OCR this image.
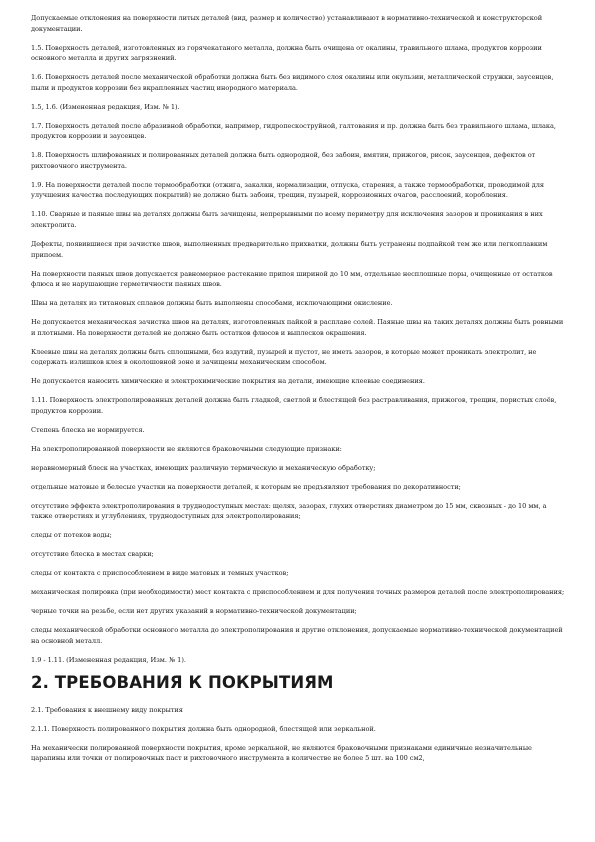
Допускаемые отклонения на поверхности литых деталей (вид, размер и количество) устанавливают в нормативно-технической и конструкторской документации.

1.5. Поверхность деталей, изготовленных из горячекатаного металла, должна быть очищена от окалины, травильного шлама, продуктов коррозии основного металла и других загрязнений.

1.6. Поверхность деталей после механической обработки должна быть без видимого слоя окалины или окульзии, металлической стружки, заусенцев, пыли и продуктов коррозии без вкрапленных частиц инородного материала.

1.5, 1.6. (Измененная редакция, Изм. № 1).

1.7. Поверхность деталей после абразивной обработки, например, гидропескоструйной, галтования и пр. должна быть без травильного шлама, шлака, продуктов коррозии и заусенцев.

1.8. Поверхность шлифованных и полированных деталей должна быть однородной, без забоин, вмятин, прижогов, рисок, заусенцев, дефектов от рихтовочного инструмента.

1.9. На поверхности деталей после термообработки (отжига, закалки, нормализации, отпуска, старения, а также термообработки, проводимой для улучшения качества последующих покрытий) не должно быть забоин, трещин, пузырей, коррозионных очагов, расслоений, коробления.

1.10. Сварные и паяные швы на деталях должны быть зачищены, непрерывными по всему периметру для исключения зазоров и проникания в них электролита.

Дефекты, появившиеся при зачистке швов, выполненных предварительно прихватки, должны быть устранены подпайкой тем же или легкоплавким припоем.

На поверхности паяных швов допускается равномерное растекание припоя шириной до 10 мм, отдельные несплошные поры, очищенные от остатков флюса и не нарушающие герметичности паяных швов.

Швы на деталях из титановых сплавов должны быть выполнены способами, исключающими окисление.

Не допускается механическая зачистка швов на деталях, изготовленных пайкой в расплаве солей. Паяные швы на таких деталях должны быть ровными и плотными. На поверхности деталей не должно быть остатков флюсов и выплесков окрашения.

Клеевые швы на деталях должны быть сплошными, без вздутий, пузырей и пустот, не иметь зазоров, в которые может проникать электролит, не содержать излишков клея в околошовной зоне и зачищены механическим способом.

Не допускается наносить химические и электрохимические покрытия на детали, имеющие клеевые соединения.

1.11. Поверхность электрополированных деталей должна быть гладкой, светлой и блестящей без растравливания, прижогов, трещин, пористых слоёв, продуктов коррозии.

Степень блеска не нормируется.

На электрополированной поверхности не являются браковочными следующие признаки:

неравномерный блеск на участках, имеющих различную термическую и механическую обработку;

отдельные матовые и белесые участки на поверхности деталей, к которым не предъявляют требования по декоративности;

отсутствие эффекта электрополирования в труднодоступных местах: щелях, зазорах, глухих отверстиях диаметром до 15 мм, сквозных - до 10 мм, а также отверстиях и углублениях, труднодоступных для электрополирования;

следы от потеков воды;

отсутствие блеска в местах сварки;

следы от контакта с приспособлением в виде матовых и темных участков;

механическая полировка (при необходимости) мест контакта с приспособлением и для получения точных размеров деталей после электрополирования;

черные точки на резьбе, если нет других указаний в нормативно-технической документации;

следы механической обработки основного металла до электрополирования и другие отклонения, допускаемые нормативно-технической документацией на основной металл.

1.9 - 1.11. (Измененная редакция, Изм. № 1).

2. ТРЕБОВАНИЯ К ПОКРЫТИЯМ

2.1. Требования к внешнему виду покрытия

2.1.1. Поверхность полированного покрытия должна быть однородной, блестящей или зеркальной.

На механически полированной поверхности покрытия, кроме зеркальной, не являются браковочными признаками единичные незначительные царапины или точки от полировочных паст и рихтовочного инструмента в количестве не более 5 шт. на 100 см2,
